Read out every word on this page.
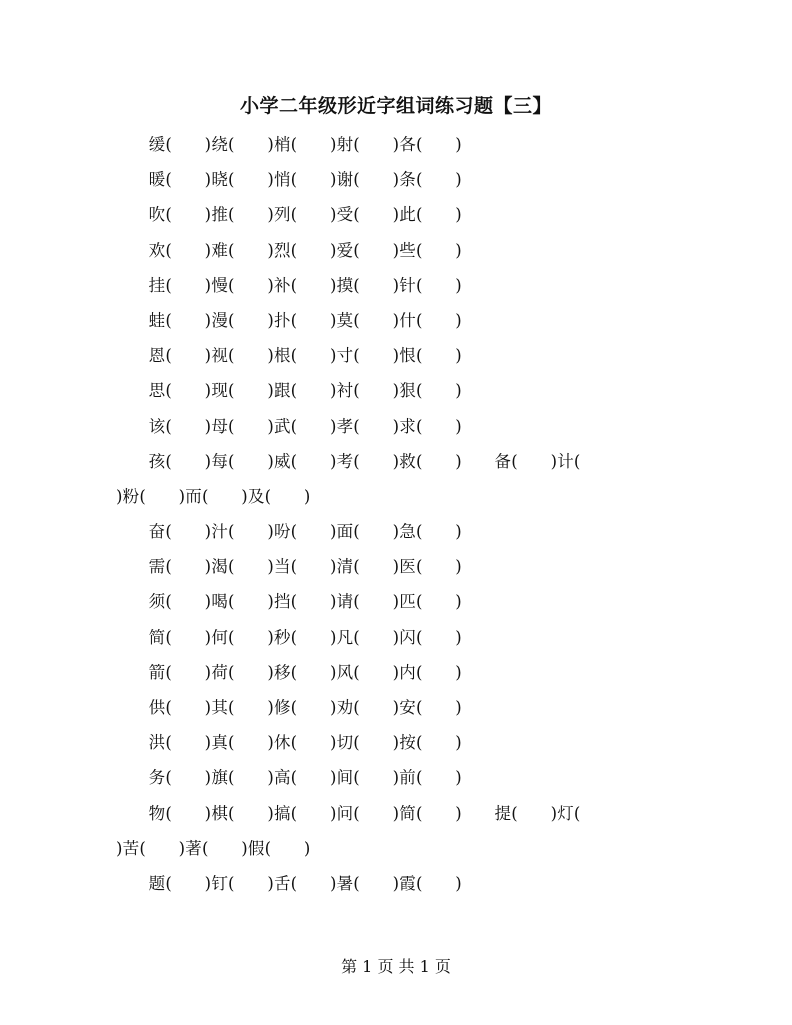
小学二年级形近字组词练习题【三】
缓(      )绕(      )梢(      )射(      )各(      )
暖(      )晓(      )悄(      )谢(      )条(      )
吹(      )推(      )列(      )受(      )此(      )
欢(      )难(      )烈(      )爱(      )些(      )
挂(      )慢(      )补(      )摸(      )针(      )
蛙(      )漫(      )扑(      )莫(      )什(      )
恩(      )视(      )根(      )寸(      )恨(      )
思(      )现(      )跟(      )衬(      )狠(      )
该(      )母(      )武(      )孝(      )求(      )
孩(      )每(      )威(      )考(      )救(      )      备(      )计(
)粉(      )而(      )及(      )
奋(      )汁(      )吩(      )面(      )急(      )
需(      )渴(      )当(      )清(      )医(      )
须(      )喝(      )挡(      )请(      )匹(      )
简(      )何(      )秒(      )凡(      )闪(      )
箭(      )荷(      )移(      )风(      )内(      )
供(      )其(      )修(      )劝(      )安(      )
洪(      )真(      )休(      )切(      )按(      )
务(      )旗(      )高(      )间(      )前(      )
物(      )棋(      )搞(      )问(      )简(      )      提(      )灯(
)苦(      )著(      )假(      )
题(      )钉(      )舌(      )暑(      )霞(      )
第 1 页 共 1 页
